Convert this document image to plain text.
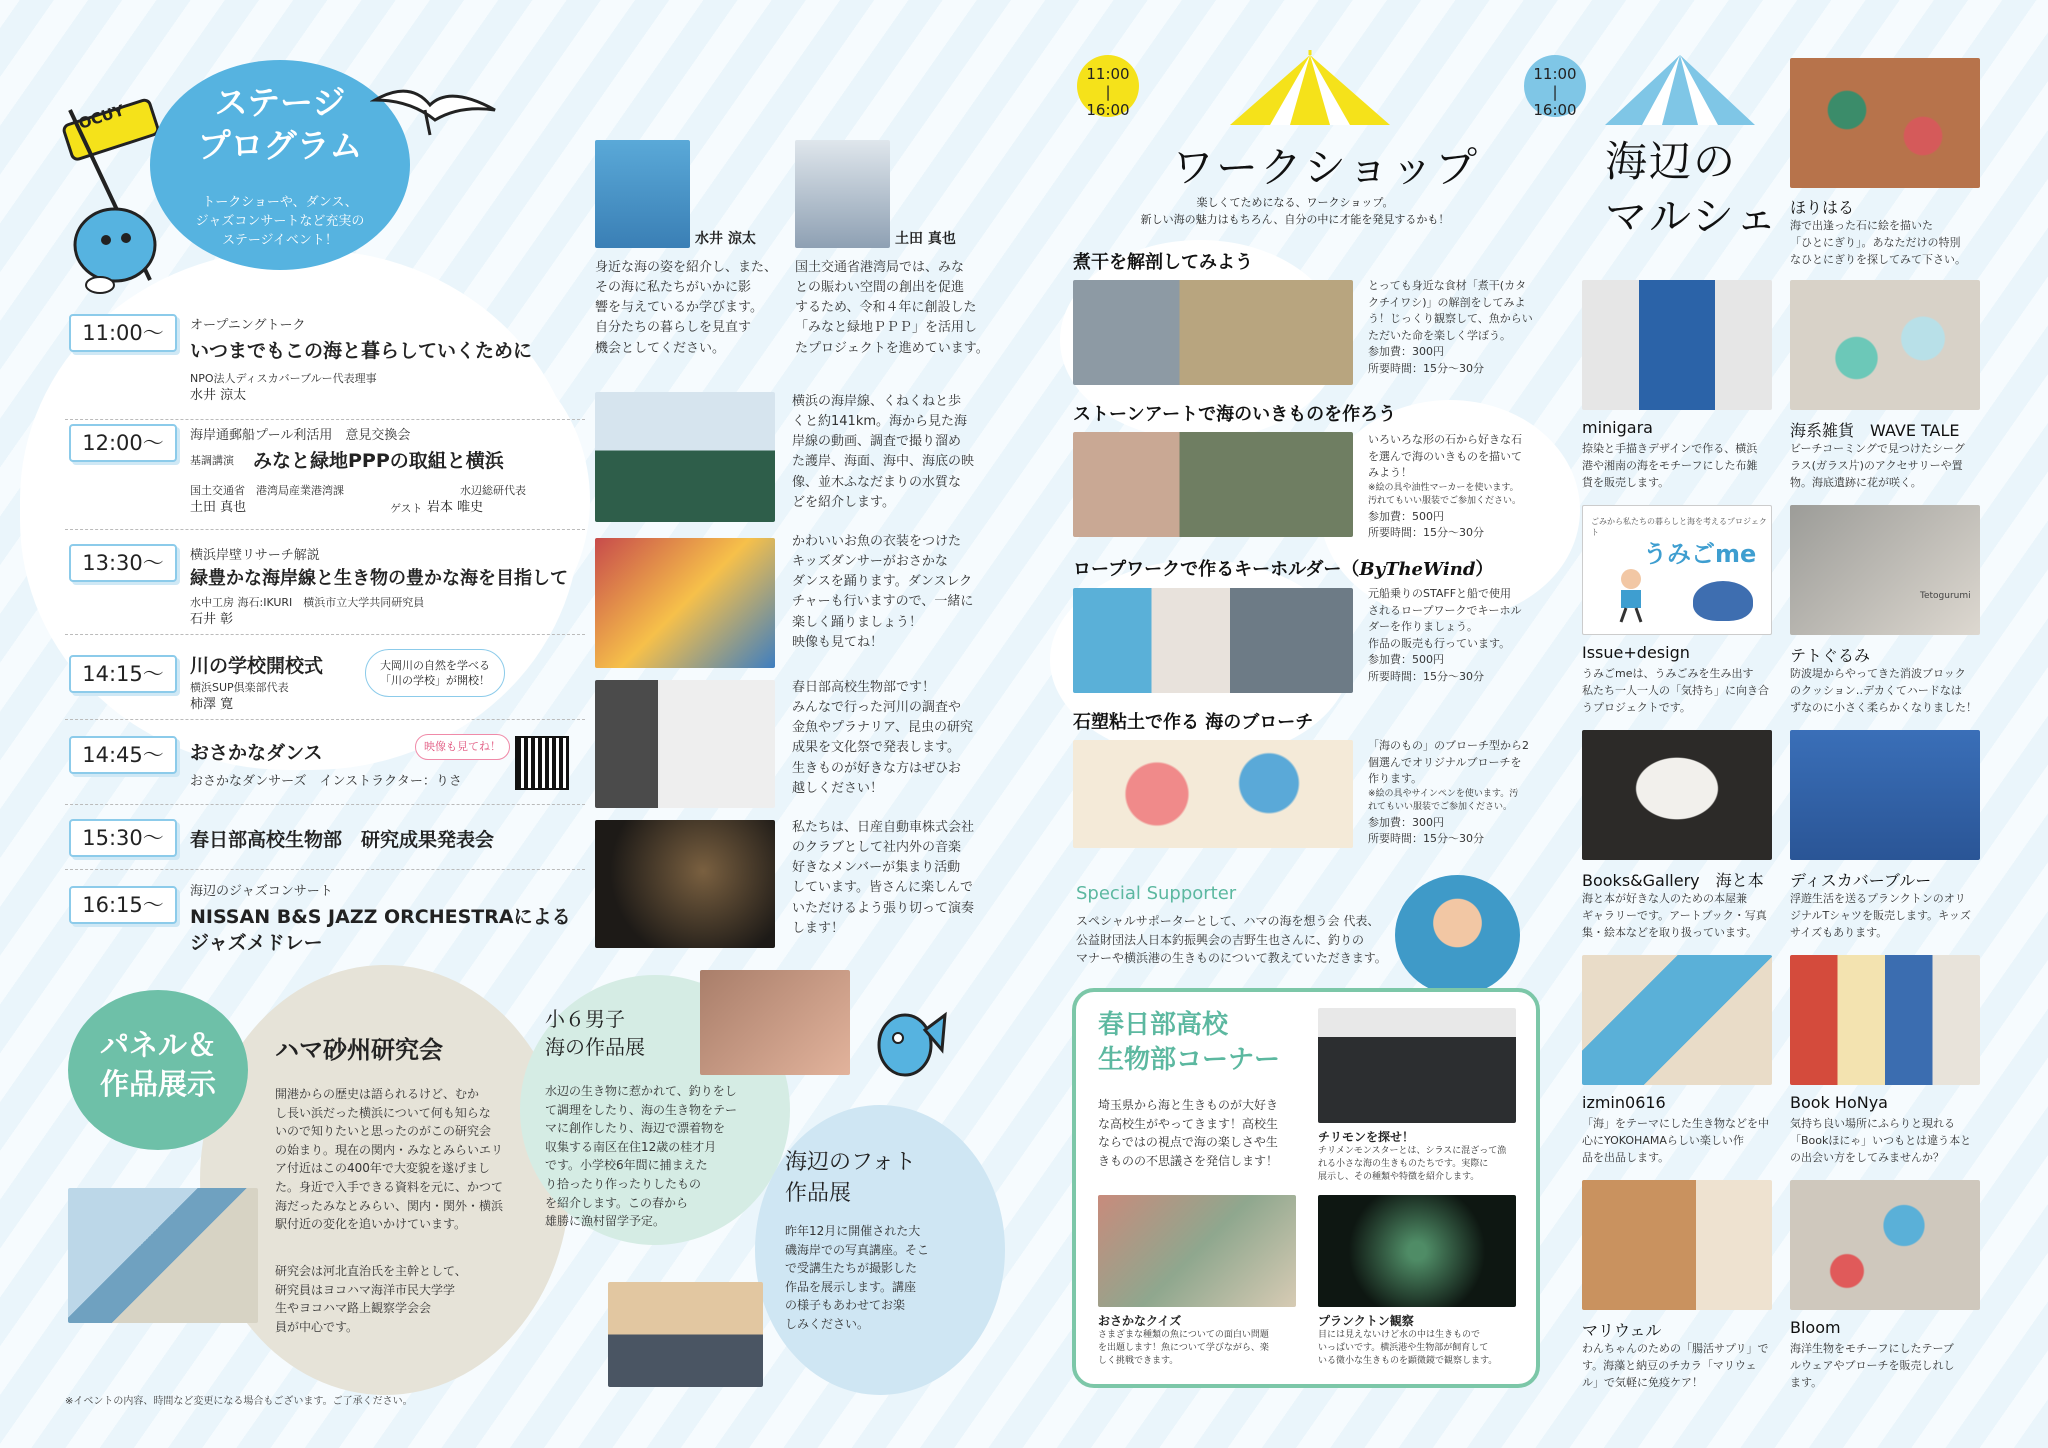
OCUY	ステージ
プログラム
トークショーや、ダンス、
ジャズコンサートなど充実の
ステージイベント！
11:00〜	オープニングトーク
いつまでもこの海と暮らしていくために
NPO法人ディスカバーブルー代表理事
水井 涼太
12:00〜	海岸通郵船プール利活用　意見交換会
基調講演 みなと緑地PPPの取組と横浜
国土交通省　港湾局産業港湾課	水辺総研代表
土田 真也	ゲスト 岩本 唯史
13:30〜	横浜岸壁リサーチ解説
緑豊かな海岸線と生き物の豊かな海を目指して
水中工房 海石:IKURI　横浜市立大学共同研究員
石井 彰
14:15〜	川の学校開校式
横浜SUP倶楽部代表
柿澤 寛
大岡川の自然を学べる
「川の学校」が開校！
14:45〜	おさかなダンス
おさかなダンサーズ　インストラクター：りさ
映像も見てね！
15:30〜	春日部高校生物部　研究成果発表会
16:15〜
海辺のジャズコンサート
NISSAN B&S JAZZ ORCHESTRAによる
ジャズメドレー
水井 涼太	土田 真也
身近な海の姿を紹介し、また、
その海に私たちがいかに影
響を与えているか学びます。
自分たちの暮らしを見直す
機会としてください。
国土交通省港湾局では、みな
との賑わい空間の創出を促進
するため、令和４年に創設した
「みなと緑地ＰＰＰ」を活用し
たプロジェクトを進めています。
横浜の海岸線、くねくねと歩
くと約141km。海から見た海
岸線の動画、調査で撮り溜め
た護岸、海面、海中、海底の映
像、並木ふなだまりの水質な
どを紹介します。
かわいいお魚の衣装をつけた
キッズダンサーがおさかな
ダンスを踊ります。ダンスレク
チャーも行いますので、一緒に
楽しく踊りましょう！
映像も見てね！
春日部高校生物部です！
みんなで行った河川の調査や
金魚やプラナリア、昆虫の研究
成果を文化祭で発表します。
生きものが好きな方はぜひお
越しください！
私たちは、日産自動車株式会社
のクラブとして社内外の音楽
好きなメンバーが集まり活動
しています。皆さんに楽しんで
いただけるよう張り切って演奏
します！
パネル＆
作品展示
ハマ砂州研究会
開港からの歴史は語られるけど、むか
し長い浜だった横浜について何も知らな
いので知りたいと思ったのがこの研究会
の始まり。現在の関内・みなとみらいエリ
ア付近はこの400年で大変貌を遂げまし
た。身近で入手できる資料を元に、かつて
海だったみなとみらい、関内・関外・横浜
駅付近の変化を追いかけています。
研究会は河北直治氏を主幹として、
研究員はヨコハマ海洋市民大学学
生やヨコハマ路上観察学会会
員が中心です。
小６男子
海の作品展
水辺の生き物に惹かれて、釣りをし
て調理をしたり、海の生き物をテー
マに創作したり、海辺で漂着物を
収集する南区在住12歳の桂才月
です。小学校6年間に捕まえた
り拾ったり作ったりしたもの
を紹介します。この春から
雄勝に漁村留学予定。
海辺のフォト
作品展
昨年12月に開催された大
磯海岸での写真講座。そこ
で受講生たちが撮影した
作品を展示します。講座
の様子もあわせてお楽
しみください。
※イベントの内容、時間など変更になる場合もございます。ご了承ください。
11:00
|
16:00
ワークショップ
楽しくてためになる、ワークショップ。
新しい海の魅力はもちろん、自分の中に才能を発見するかも！
煮干を解剖してみよう
とっても身近な食材「煮干(カタ
クチイワシ)」の解剖をしてみよ
う！じっくり観察して、魚からい
ただいた命を楽しく学ぼう。
参加費：300円
所要時間：15分〜30分
ストーンアートで海のいきものを作ろう
いろいろな形の石から好きな石
を選んで海のいきものを描いて
みよう！
※絵の具や油性マーカーを使います。
汚れてもいい服装でご参加ください。
参加費：500円
所要時間：15分〜30分
ロープワークで作るキーホルダー（ByTheWind）
元船乗りのSTAFFと船で使用
されるロープワークでキーホル
ダーを作りましょう。
作品の販売も行っています。
参加費：500円
所要時間：15分〜30分
石塑粘土で作る 海のブローチ
「海のもの」のブローチ型から2
個選んでオリジナルブローチを
作ります。
※絵の具やサインペンを使います。汚
れてもいい服装でご参加ください。
参加費：300円
所要時間：15分〜30分
Special Supporter
スペシャルサポーターとして、ハマの海を想う会 代表、
公益財団法人日本釣振興会の吉野生也さんに、釣りの
マナーや横浜港の生きものについて教えていただきます。
春日部高校
生物部コーナー
埼玉県から海と生きものが大好き
な高校生がやってきます！高校生
ならではの視点で海の楽しさや生
きものの不思議さを発信します！
チリモンを探せ！
チリメンモンスターとは、シラスに混ざって漁
れる小さな海の生きものたちです。実際に
展示し、その種類や特徴を紹介します。
おさかなクイズ
さまざまな種類の魚についての面白い問題
を出題します！魚について学びながら、楽
しく挑戦できます。
プランクトン観察
目には見えないけど水の中は生きもので
いっぱいです。横浜港や生物部が飼育して
いる微小な生きものを顕微鏡で観察します。
11:00
|
16:00
海辺の
マルシェ ほりはる
海で出逢った石に絵を描いた
「ひとにぎり」。あなただけの特別
なひとにぎりを探してみて下さい。
minigara
捺染と手描きデザインで作る、横浜
港や湘南の海をモチーフにした布雑
貨を販売します。
海系雑貨　WAVE TALE
ビーチコーミングで見つけたシーグ
ラス(ガラス片)のアクセサリーや置
物。海底遺跡に花が咲く。
ごみから私たちの暮らしと海を考えるプロジェクト
うみごme
Issue+design
うみごmeは、うみごみを生み出す
私たち一人一人の「気持ち」に向き合
うプロジェクトです。
Tetogurumi
テトぐるみ
防波堤からやってきた消波ブロック
のクッション‥デカくてハードなは
ずなのに小さく柔らかくなりました！
Books&Gallery　海と本
海と本が好きな人のための本屋兼
ギャラリーです。アートブック・写真
集・絵本などを取り扱っています。
ディスカバーブルー
浮遊生活を送るプランクトンのオリ
ジナルTシャツを販売します。キッズ
サイズもあります。
izmin0616
「海」をテーマにした生き物などを中
心にYOKOHAMAらしい楽しい作
品を出品します。
Book HoNya
気持ち良い場所にふらりと現れる
「Bookほにゃ」いつもとは違う本と
の出会い方をしてみませんか？
マリウェル
わんちゃんのための「腸活サプリ」で
す。海藻と納豆のチカラ「マリウェ
ル」で気軽に免疫ケア！
Bloom
海洋生物をモチーフにしたテーブ
ルウェアやブローチを販売しれし
ます。
